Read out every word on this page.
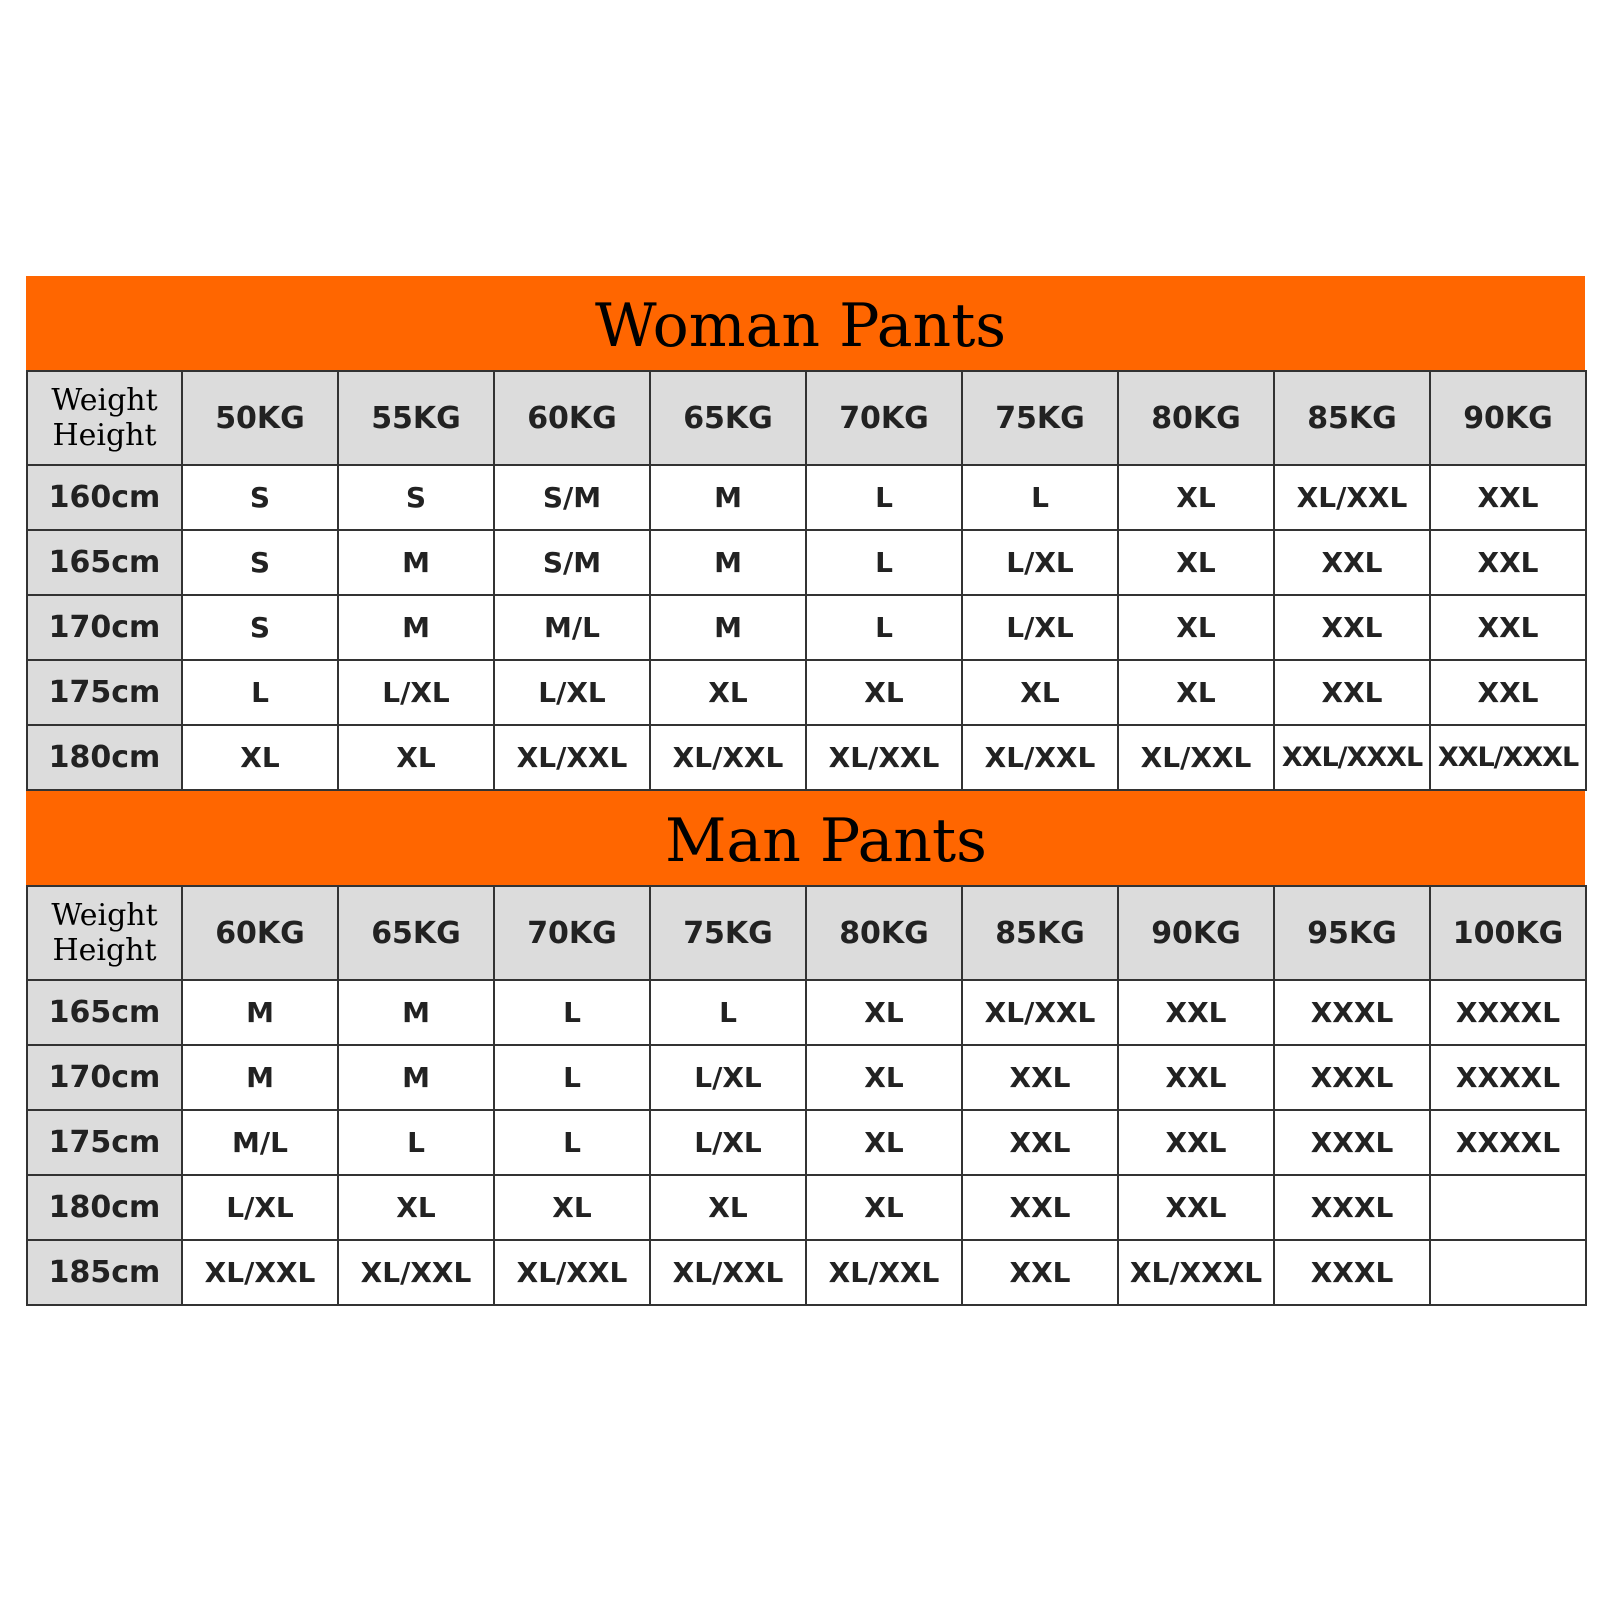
Woman Pants
Weight
Height	50KG	55KG	60KG	65KG	70KG	75KG	80KG	85KG	90KG
160cm	S	S	S/M	M	L	L	XL	XL/XXL	XXL
165cm	S	M	S/M	M	L	L/XL	XL	XXL	XXL
170cm	S	M	M/L	M	L	L/XL	XL	XXL	XXL
175cm	L	L/XL	L/XL	XL	XL	XL	XL	XXL	XXL
180cm	XL	XL	XL/XXL	XL/XXL	XL/XXL	XL/XXL	XL/XXL	XXL/XXXL	XXL/XXXL
Man Pants
Weight
Height	60KG	65KG	70KG	75KG	80KG	85KG	90KG	95KG	100KG
165cm	M	M	L	L	XL	XL/XXL	XXL	XXXL	XXXXL
170cm	M	M	L	L/XL	XL	XXL	XXL	XXXL	XXXXL
175cm	M/L	L	L	L/XL	XL	XXL	XXL	XXXL	XXXXL
180cm	L/XL	XL	XL	XL	XL	XXL	XXL	XXXL	
185cm	XL/XXL	XL/XXL	XL/XXL	XL/XXL	XL/XXL	XXL	XL/XXXL	XXXL	
